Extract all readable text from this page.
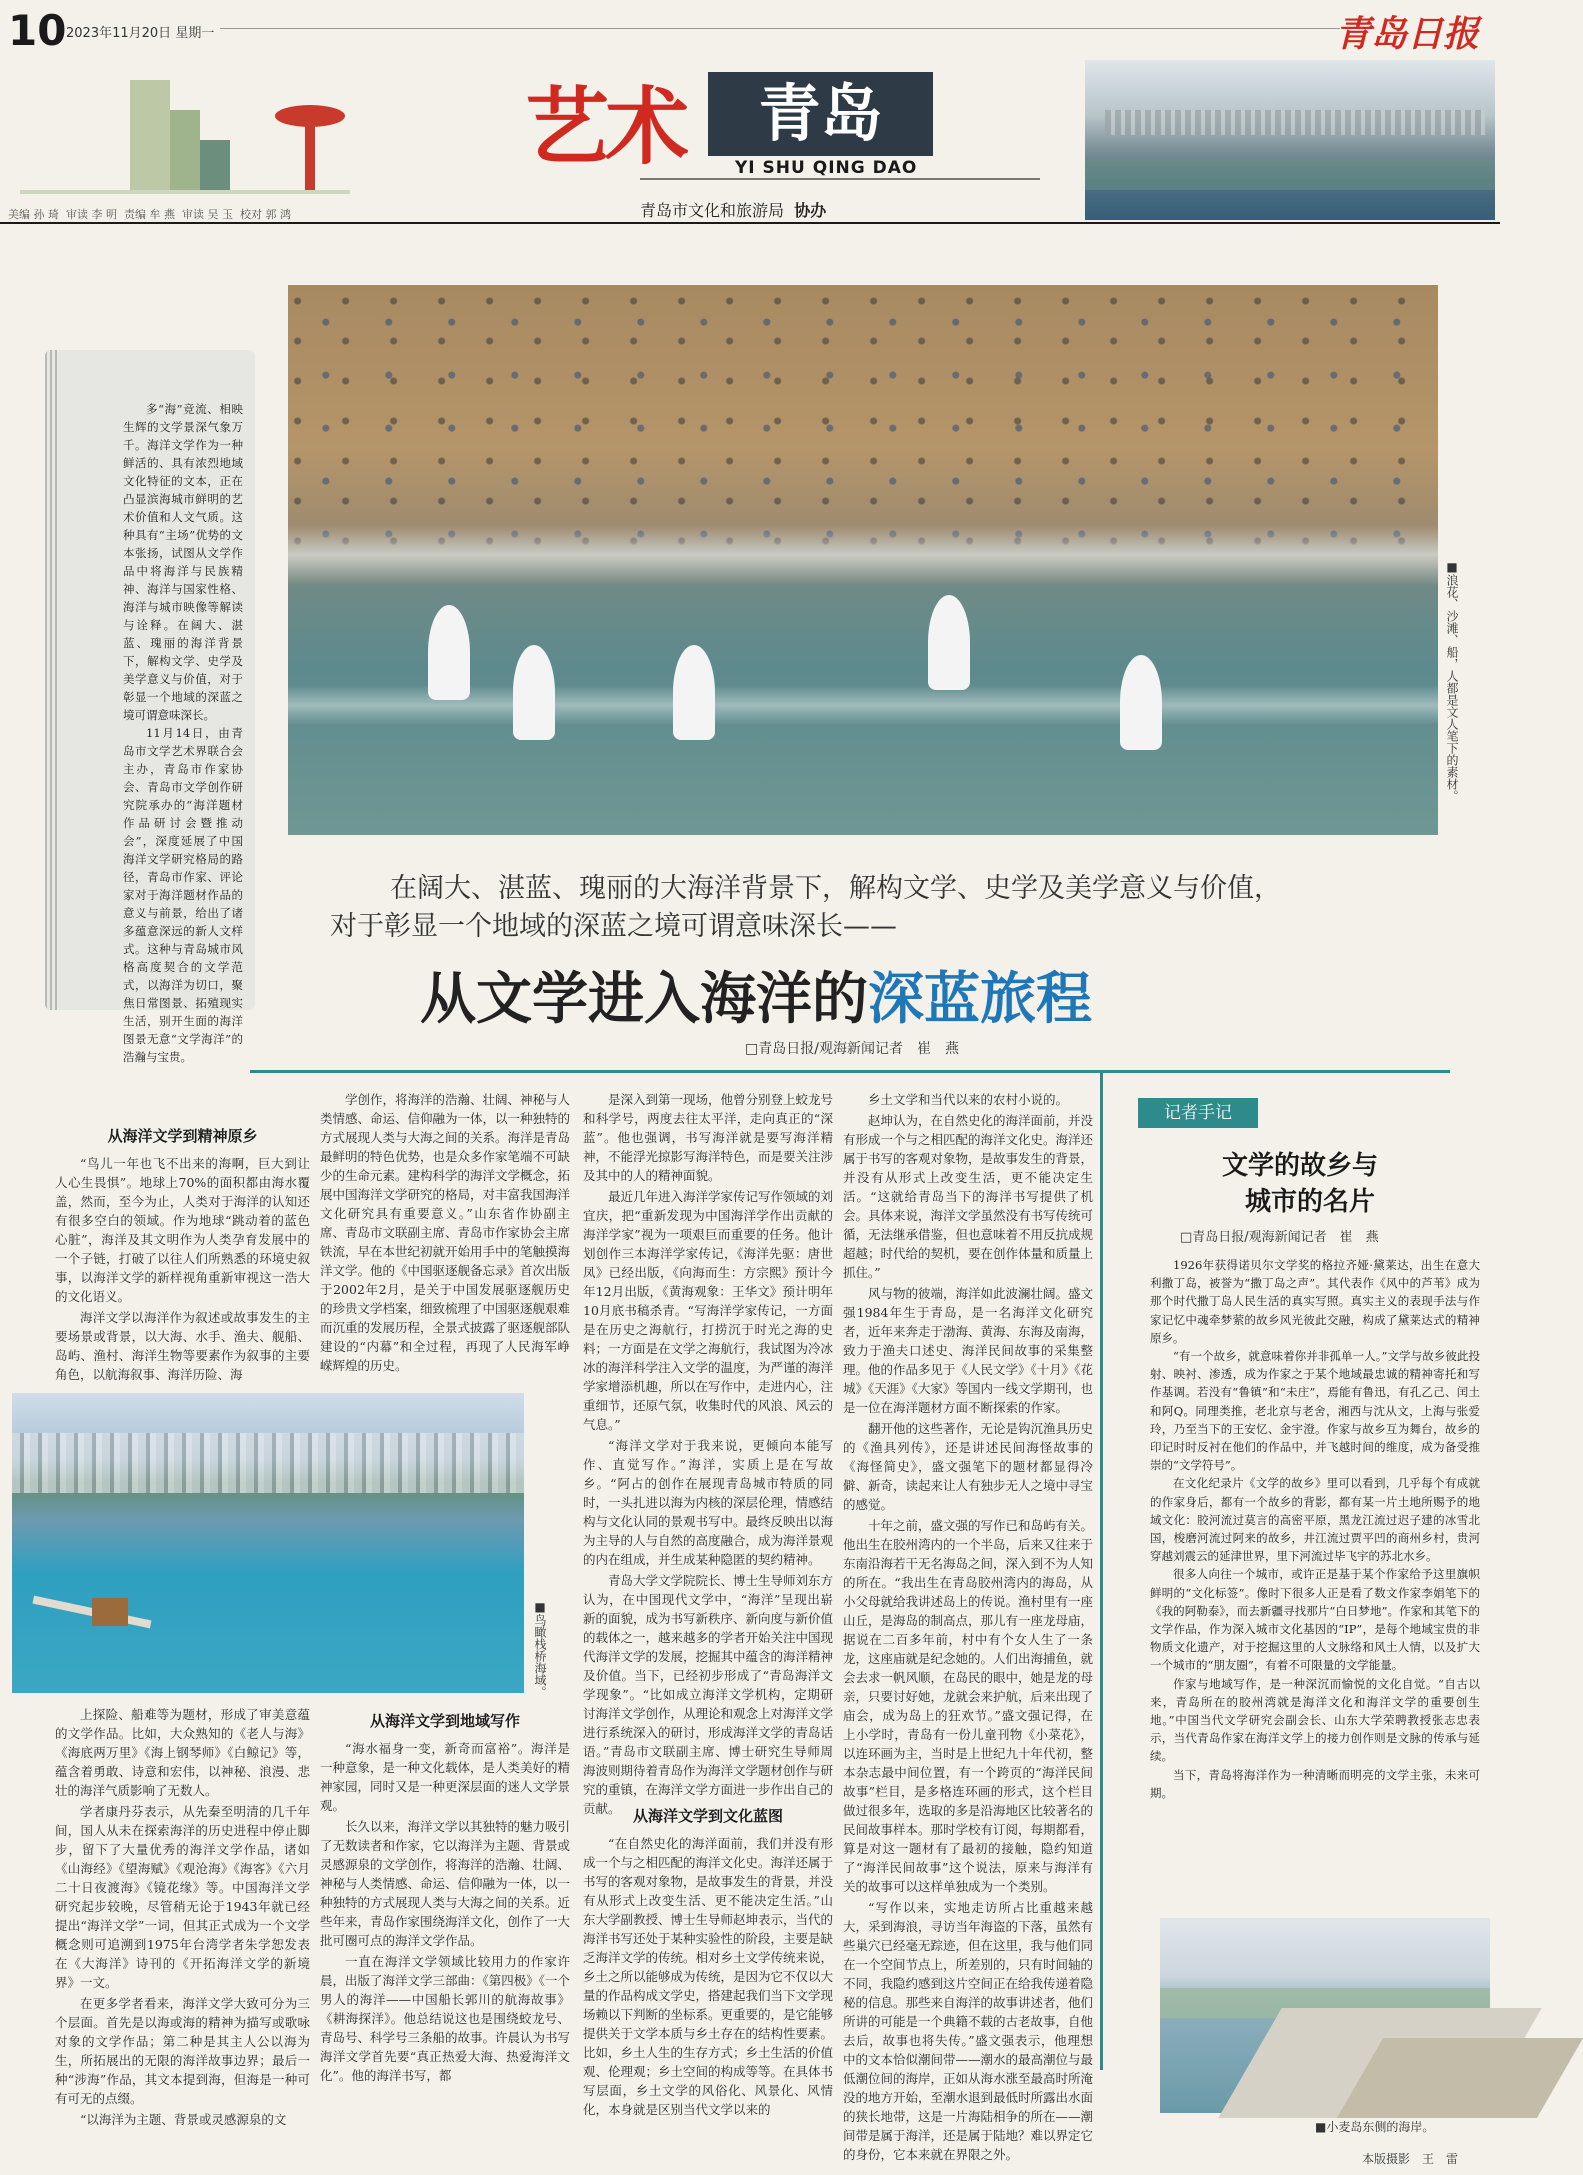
10 2023年11月20日 星期一
美编 孙 琦 审读 李 明 责编 牟 燕 审读 吴 玉 校对 郭 鸿
艺术	青岛
YI SHU QING DAO
青岛市文化和旅游局 协办
青岛日报

多“海”竞流、相映生辉的文学景深气象万千。海洋文学作为一种鲜活的、具有浓烈地域文化特征的文本，正在凸显滨海城市鲜明的艺术价值和人文气质。这种具有“主场”优势的文本张扬，试图从文学作品中将海洋与民族精神、海洋与国家性格、海洋与城市映像等解读与诠释。在阔大、湛蓝、瑰丽的海洋背景下，解构文学、史学及美学意义与价值，对于彰显一个地域的深蓝之境可谓意味深长。

11月14日，由青岛市文学艺术界联合会主办，青岛市作家协会、青岛市文学创作研究院承办的“海洋题材作品研讨会暨推动会”，深度延展了中国海洋文学研究格局的路径，青岛市作家、评论家对于海洋题材作品的意义与前景，给出了诸多蕴意深远的新人文样式。这种与青岛城市风格高度契合的文学范式，以海洋为切口，聚焦日常图景、拓殖现实生活，别开生面的海洋图景无意“文学海洋”的浩瀚与宝贵。

■浪花、沙滩、船，人都是文人笔下的素材。
在阔大、湛蓝、瑰丽的大海洋背景下，解构文学、史学及美学意义与价值，
对于彰显一个地域的深蓝之境可谓意味深长——
从文学进入海洋的深蓝旅程
□青岛日报/观海新闻记者　崔　燕
从海洋文学到精神原乡

“鸟儿一年也飞不出来的海啊，巨大到让人心生畏惧”。地球上70%的面积都由海水覆盖，然而，至今为止，人类对于海洋的认知还有很多空白的领域。作为地球“跳动着的蓝色心脏”，海洋及其文明作为人类孕育发展中的一个子链，打破了以往人们所熟悉的环境史叙事，以海洋文学的新样视角重新审视这一浩大的文化语义。

海洋文学以海洋作为叙述或故事发生的主要场景或背景，以大海、水手、渔夫、舰船、岛屿、渔村、海洋生物等要素作为叙事的主要角色，以航海叙事、海洋历险、海

■鸟瞰栈桥海域。

上探险、船难等为题材，形成了审美意蕴的文学作品。比如，大众熟知的《老人与海》《海底两万里》《海上钢琴师》《白鲸记》等，蕴含着勇敢、诗意和宏伟，以神秘、浪漫、悲壮的海洋气质影响了无数人。

学者康丹芬表示，从先秦至明清的几千年间，国人从未在探索海洋的历史进程中停止脚步，留下了大量优秀的海洋文学作品，诸如《山海经》《望海赋》《观沧海》《海客》《六月二十日夜渡海》《镜花缘》等。中国海洋文学研究起步较晚，尽管稍无论于1943年就已经提出“海洋文学”一词，但其正式成为一个文学概念则可追溯到1975年台湾学者朱学恕发表在《大海洋》诗刊的《开拓海洋文学的新境界》一文。

在更多学者看来，海洋文学大致可分为三个层面。首先是以海或海的精神为描写或歌咏对象的文学作品；第二种是其主人公以海为生，所拓展出的无限的海洋故事边界；最后一种“涉海”作品，其文本提到海，但海是一种可有可无的点缀。

“以海洋为主题、背景或灵感源泉的文

学创作，将海洋的浩瀚、壮阔、神秘与人类情感、命运、信仰融为一体，以一种独特的方式展现人类与大海之间的关系。海洋是青岛最鲜明的特色优势，也是众多作家笔端不可缺少的生命元素。建构科学的海洋文学概念，拓展中国海洋文学研究的格局，对丰富我国海洋文化研究具有重要意义。”山东省作协副主席、青岛市文联副主席、青岛市作家协会主席铁流，早在本世纪初就开始用手中的笔触摸海洋文学。他的《中国驱逐舰备忘录》首次出版于2002年2月，是关于中国发展驱逐舰历史的珍贵文学档案，细致梳理了中国驱逐舰艰难而沉重的发展历程，全景式披露了驱逐舰部队建设的“内幕”和全过程，再现了人民海军峥嵘辉煌的历史。

从海洋文学到地域写作

“海水福身一变，新奇而富裕”。海洋是一种意象，是一种文化载体，是人类美好的精神家园，同时又是一种更深层面的迷人文学景观。

长久以来，海洋文学以其独特的魅力吸引了无数读者和作家，它以海洋为主题、背景或灵感源泉的文学创作，将海洋的浩瀚、壮阔、神秘与人类情感、命运、信仰融为一体，以一种独特的方式展现人类与大海之间的关系。近些年来，青岛作家围绕海洋文化，创作了一大批可圈可点的海洋文学作品。

一直在海洋文学领域比较用力的作家许晨，出版了海洋文学三部曲：《第四极》《一个男人的海洋——中国船长郭川的航海故事》《耕海探洋》。他总结说这也是围绕蛟龙号、青岛号、科学号三条船的故事。许晨认为书写海洋文学首先要“真正热爱大海、热爱海洋文化”。他的海洋书写，都

是深入到第一现场，他曾分别登上蛟龙号和科学号，两度去往太平洋，走向真正的“深蓝”。他也强调，书写海洋就是要写海洋精神，不能浮光掠影写海洋特色，而是要关注涉及其中的人的精神面貌。

最近几年进入海洋学家传记写作领域的刘宜庆，把“重新发现为中国海洋学作出贡献的海洋学家”视为一项艰巨而重要的任务。他计划创作三本海洋学家传记，《海洋先驱：唐世凤》已经出版，《向海而生：方宗熙》预计今年12月出版，《黄海观象：王华文》预计明年10月底书稿杀青。“写海洋学家传记，一方面是在历史之海航行，打捞沉于时光之海的史料；一方面是在文学之海航行，我试图为冷冰冰的海洋科学注入文学的温度，为严谨的海洋学家增添机趣，所以在写作中，走进内心，注重细节，还原气氛，收集时代的风浪、风云的气息。”

“海洋文学对于我来说，更倾向本能写作、直觉写作。”海洋，实质上是在写故乡。“阿占的创作在展现青岛城市特质的同时，一头扎进以海为内核的深层伦理，情感结构与文化认同的景观书写中。最终反映出以海为主导的人与自然的高度融合，成为海洋景观的内在组成，并生成某种隐匿的契约精神。

青岛大学文学院院长、博士生导师刘东方认为，在中国现代文学中，“海洋”呈现出崭新的面貌，成为书写新秩序、新向度与新价值的载体之一，越来越多的学者开始关注中国现代海洋文学的发展，挖掘其中蕴含的海洋精神及价值。当下，已经初步形成了“青岛海洋文学现象”。“比如成立海洋文学机构，定期研讨海洋文学创作，从理论和观念上对海洋文学进行系统深入的研讨，形成海洋文学的青岛话语。”青岛市文联副主席、博士研究生导师周海波则期待着青岛作为海洋文学题材创作与研究的重镇，在海洋文学方面进一步作出自己的贡献。 从海洋文学到文化蓝图

“在自然史化的海洋面前，我们并没有形成一个与之相匹配的海洋文化史。海洋还属于书写的客观对象物，是故事发生的背景，并没有从形式上改变生活、更不能决定生活。”山东大学副教授、博士生导师赵坤表示，当代的海洋书写还处于某种实验性的阶段，主要是缺乏海洋文学的传统。相对乡土文学传统来说，乡土之所以能够成为传统，是因为它不仅以大量的作品构成文学史，搭建起我们当下文学现场赖以下判断的坐标系。更重要的，是它能够提供关于文学本质与乡土存在的结构性要素。比如，乡土人生的生存方式；乡土生活的价值观、伦理观；乡土空间的构成等等。在具体书写层面，乡土文学的风俗化、风景化、风情化，本身就是区别当代文学以来的

乡土文学和当代以来的农村小说的。

赵坤认为，在自然史化的海洋面前，并没有形成一个与之相匹配的海洋文化史。海洋还属于书写的客观对象物，是故事发生的背景，并没有从形式上改变生活，更不能决定生活。“这就给青岛当下的海洋书写提供了机会。具体来说，海洋文学虽然没有书写传统可循，无法继承借鉴，但也意味着不用反抗成规超越；时代给的契机，要在创作体量和质量上抓住。”

风与物的彼端，海洋如此波澜壮阔。盛文强1984年生于青岛，是一名海洋文化研究者，近年来奔走于渤海、黄海、东海及南海，致力于渔夫口述史、海洋民间故事的采集整理。他的作品多见于《人民文学》《十月》《花城》《天涯》《大家》等国内一线文学期刊，也是一位在海洋题材方面不断探索的作家。

翻开他的这些著作，无论是钩沉渔具历史的《渔具列传》，还是讲述民间海怪故事的《海怪简史》，盛文强笔下的题材都显得冷僻、新奇，读起来让人有独步无人之境中寻宝的感觉。

十年之前，盛文强的写作已和岛屿有关。他出生在胶州湾内的一个半岛，后来又往来于东南沿海若干无名海岛之间，深入到不为人知的所在。“我出生在青岛胶州湾内的海岛，从小父母就给我讲述岛上的传说。渔村里有一座山丘，是海岛的制高点，那儿有一座龙母庙，据说在二百多年前，村中有个女人生了一条龙，这座庙就是纪念她的。人们出海捕鱼，就会去求一帆风顺，在岛民的眼中，她是龙的母亲，只要讨好她，龙就会来护航，后来出现了庙会，成为岛上的狂欢节。”盛文强记得，在上小学时，青岛有一份儿童刊物《小菜花》，以连环画为主，当时是上世纪九十年代初，整本杂志最中间位置，有一个跨页的“海洋民间故事”栏目，是多格连环画的形式，这个栏目做过很多年，选取的多是沿海地区比较著名的民间故事样本。那时学校有订阅，每期都看，算是对这一题材有了最初的接触，隐约知道了“海洋民间故事”这个说法，原来与海洋有关的故事可以这样单独成为一个类别。

“写作以来，实地走访所占比重越来越大，采到海浪，寻访当年海盗的下落，虽然有些巢穴已经毫无踪迹，但在这里，我与他们同在一个空间节点上，所差别的，只有时间轴的不同，我隐约感到这片空间正在给我传递着隐秘的信息。那些来自海洋的故事讲述者，他们所讲的可能是一个典籍不载的古老故事，自他去后，故事也将失传。”盛文强表示，他理想中的文本恰似潮间带——潮水的最高潮位与最低潮位间的海岸，正如从海水涨至最高时所淹没的地方开始，至潮水退到最低时所露出水面的狭长地带，这是一片海陆相争的所在——潮间带是属于海洋，还是属于陆地？难以界定它的身份，它本来就在界限之外。

记者手记
文学的故乡与
城市的名片
□青岛日报/观海新闻记者　崔　燕

1926年获得诺贝尔文学奖的格拉齐娅·黛莱达，出生在意大利撒丁岛，被誉为“撒丁岛之声”。其代表作《风中的芦苇》成为那个时代撒丁岛人民生活的真实写照。真实主义的表现手法与作家记忆中魂牵梦萦的故乡风光彼此交融，构成了黛莱达式的精神原乡。

“有一个故乡，就意味着你并非孤单一人。”文学与故乡彼此投射、映衬、渗透，成为作家之于某个地域最忠诚的精神寄托和写作基调。若没有“鲁镇”和“未庄”，焉能有鲁迅，有孔乙己、闰土和阿Q。同理类推，老北京与老舍，湘西与沈从文，上海与张爱玲，乃至当下的王安忆、金宇澄。作家与故乡互为舞台，故乡的印记时时反衬在他们的作品中，并飞越时间的维度，成为备受推崇的“文学符号”。

在文化纪录片《文学的故乡》里可以看到，几乎每个有成就的作家身后，都有一个故乡的背影，都有某一片土地所赐予的地域文化：胶河流过莫言的高密平原，黑龙江流过迟子建的冰雪北国，梭磨河流过阿来的故乡，井江流过贾平凹的商州乡村，贵河穿越刘震云的延津世界，里下河流过毕飞宇的苏北水乡。

很多人向往一个城市，或许正是基于某个作家给予这里旗帜鲜明的“文化标签”。像时下很多人正是看了数文作家李娟笔下的《我的阿勒泰》，而去新疆寻找那片“白日梦地”。作家和其笔下的文学作品，作为深入城市文化基因的“IP”，是每个地域宝贵的非物质文化遗产，对于挖掘这里的人文脉络和风土人情，以及扩大一个城市的“朋友圈”，有着不可限量的文学能量。

作家与地域写作，是一种深沉而愉悦的文化自觉。“自古以来，青岛所在的胶州湾就是海洋文化和海洋文学的重要创生地。”中国当代文学研究会副会长、山东大学荣聘教授张志忠表示，当代青岛作家在海洋文学上的接力创作则是文脉的传承与延续。

当下，青岛将海洋作为一种清晰而明亮的文学主张，未来可期。

■小麦岛东侧的海岸。
本版摄影　王　雷
